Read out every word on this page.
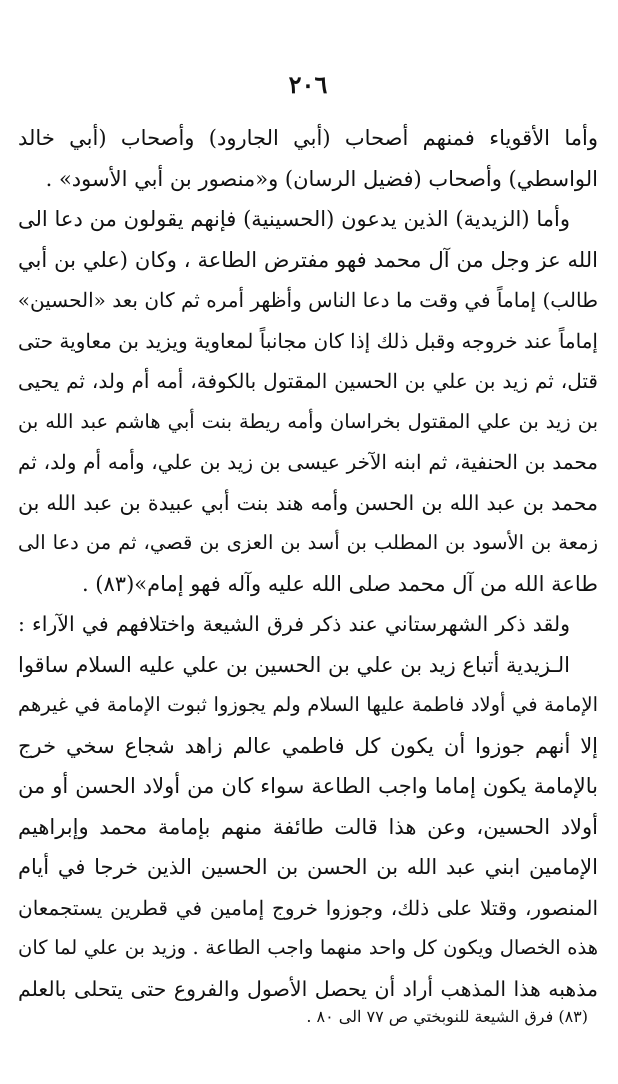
٢٠٦
وأما الأقوياء فمنهم أصحاب (أبي الجارود) وأصحاب (أبي خالد
الواسطي) وأصحاب (فضيل الرسان) و«منصور بن أبي الأسود» .
وأما (الزيدية) الذين يدعون (الحسينية) فإنهم يقولون من دعا الى
الله عز وجل من آل محمد فهو مفترض الطاعة ، وكان (علي بن أبي
طالب) إماماً في وقت ما دعا الناس وأظهر أمره ثم كان بعد «الحسين»
إماماً عند خروجه وقبل ذلك إذا كان مجانباً لمعاوية ويزيد بن معاوية حتى
قتل، ثم زيد بن علي بن الحسين المقتول بالكوفة، أمه أم ولد، ثم يحيى
بن زيد بن علي المقتول بخراسان وأمه ريطة بنت أبي هاشم عبد الله بن
محمد بن الحنفية، ثم ابنه الآخر عيسى بن زيد بن علي، وأمه أم ولد، ثم
محمد بن عبد الله بن الحسن وأمه هند بنت أبي عبيدة بن عبد الله بن
زمعة بن الأسود بن المطلب بن أسد بن العزى بن قصي، ثم من دعا الى
طاعة الله من آل محمد صلى الله عليه وآله فهو إمام»(٨٣) .
ولقد ذكر الشهرستاني عند ذكر فرق الشيعة واختلافهم في الآراء :
الـزيدية أتباع زيد بن علي بن الحسين بن علي عليه السلام ساقوا
الإمامة في أولاد فاطمة عليها السلام ولم يجوزوا ثبوت الإمامة في غيرهم
إلا أنهم جوزوا أن يكون كل فاطمي عالم زاهد شجاع سخي خرج
بالإمامة يكون إماما واجب الطاعة سواء كان من أولاد الحسن أو من
أولاد الحسين، وعن هذا قالت طائفة منهم بإمامة محمد وإبراهيم
الإمامين ابني عبد الله بن الحسن بن الحسين الذين خرجا في أيام
المنصور، وقتلا على ذلك، وجوزوا خروج إمامين في قطرين يستجمعان
هذه الخصال ويكون كل واحد منهما واجب الطاعة . وزيد بن علي لما كان
مذهبه هذا المذهب أراد أن يحصل الأصول والفروع حتى يتحلى بالعلم
(٨٣) فرق الشيعة للنوبختي ص ٧٧ الى ٨٠ .
